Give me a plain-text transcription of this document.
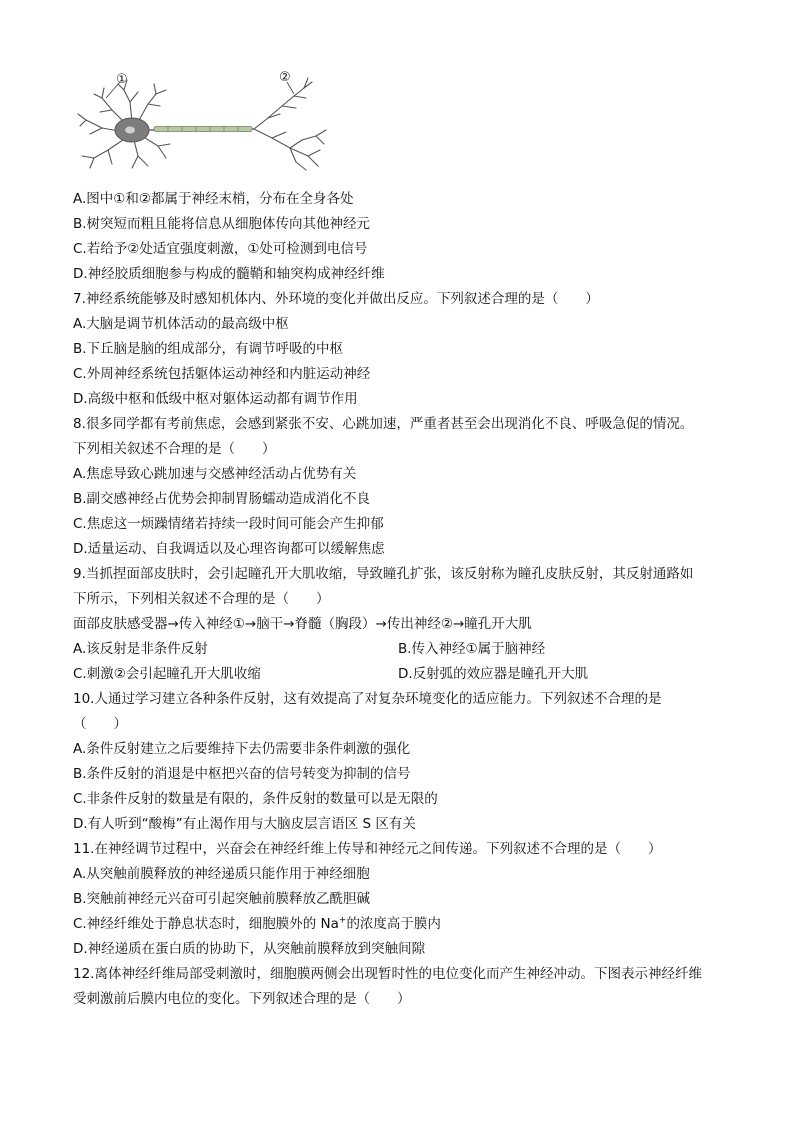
①	②
A.图中①和②都属于神经末梢，分布在全身各处
B.树突短而粗且能将信息从细胞体传向其他神经元
C.若给予②处适宜强度刺激，①处可检测到电信号
D.神经胶质细胞参与构成的髓鞘和轴突构成神经纤维
7.神经系统能够及时感知机体内、外环境的变化并做出反应。下列叙述合理的是（　　）
A.大脑是调节机体活动的最高级中枢
B.下丘脑是脑的组成部分，有调节呼吸的中枢
C.外周神经系统包括躯体运动神经和内脏运动神经
D.高级中枢和低级中枢对躯体运动都有调节作用
8.很多同学都有考前焦虑，会感到紧张不安、心跳加速，严重者甚至会出现消化不良、呼吸急促的情况。
下列相关叙述不合理的是（　　）
A.焦虑导致心跳加速与交感神经活动占优势有关
B.副交感神经占优势会抑制胃肠蠕动造成消化不良
C.焦虑这一烦躁情绪若持续一段时间可能会产生抑郁
D.适量运动、自我调适以及心理咨询都可以缓解焦虑
9.当抓捏面部皮肤时，会引起瞳孔开大肌收缩，导致瞳孔扩张，该反射称为瞳孔皮肤反射，其反射通路如
下所示，下列相关叙述不合理的是（　　）
面部皮肤感受器→传入神经①→脑干→脊髓（胸段）→传出神经②→瞳孔开大肌
A.该反射是非条件反射	B.传入神经①属于脑神经
C.刺激②会引起瞳孔开大肌收缩	D.反射弧的效应器是瞳孔开大肌
10.人通过学习建立各种条件反射，这有效提高了对复杂环境变化的适应能力。下列叙述不合理的是
（　　）
A.条件反射建立之后要维持下去仍需要非条件刺激的强化
B.条件反射的消退是中枢把兴奋的信号转变为抑制的信号
C.非条件反射的数量是有限的，条件反射的数量可以是无限的
D.有人听到“酸梅”有止渴作用与大脑皮层言语区 S 区有关
11.在神经调节过程中，兴奋会在神经纤维上传导和神经元之间传递。下列叙述不合理的是（　　）
A.从突触前膜释放的神经递质只能作用于神经细胞
B.突触前神经元兴奋可引起突触前膜释放乙酰胆碱
C.神经纤维处于静息状态时，细胞膜外的 Na+的浓度高于膜内
D.神经递质在蛋白质的协助下，从突触前膜释放到突触间隙
12.离体神经纤维局部受刺激时，细胞膜两侧会出现暂时性的电位变化而产生神经冲动。下图表示神经纤维
受刺激前后膜内电位的变化。下列叙述合理的是（　　）
